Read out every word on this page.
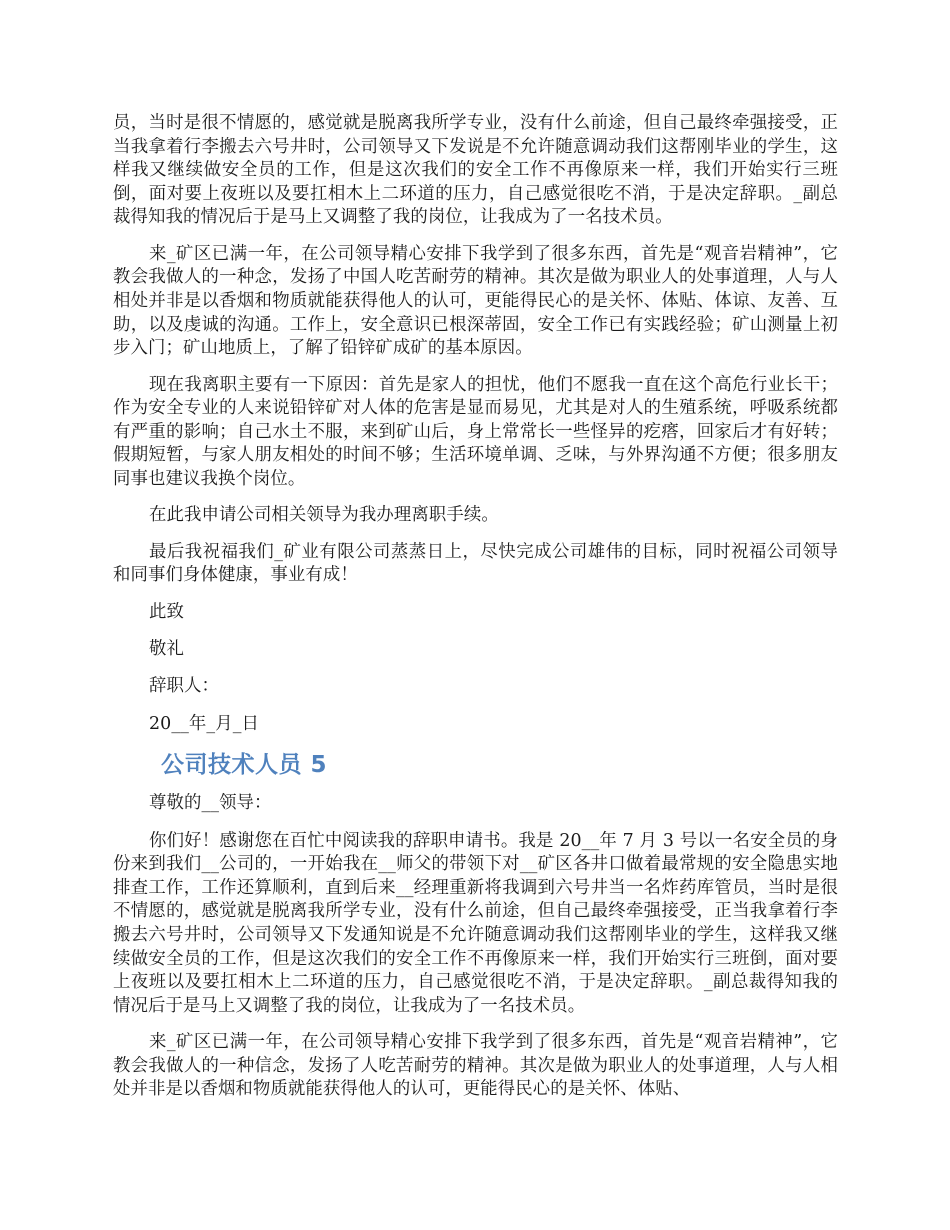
员，当时是很不情愿的，感觉就是脱离我所学专业，没有什么前途，但自己最终牵强接受，正当我拿着行李搬去六号井时，公司领导又下发说是不允许随意调动我们这帮刚毕业的学生，这样我又继续做安全员的工作，但是这次我们的安全工作不再像原来一样，我们开始实行三班倒，面对要上夜班以及要扛相木上二环道的压力，自己感觉很吃不消，于是决定辞职。_副总裁得知我的情况后于是马上又调整了我的岗位，让我成为了一名技术员。

来_矿区已满一年，在公司领导精心安排下我学到了很多东西，首先是“观音岩精神”，它教会我做人的一种念，发扬了中国人吃苦耐劳的精神。其次是做为职业人的处事道理，人与人相处并非是以香烟和物质就能获得他人的认可，更能得民心的是关怀、体贴、体谅、友善、互助，以及虔诚的沟通。工作上，安全意识已根深蒂固，安全工作已有实践经验；矿山测量上初步入门；矿山地质上，了解了铅锌矿成矿的基本原因。

现在我离职主要有一下原因：首先是家人的担忧，他们不愿我一直在这个高危行业长干；作为安全专业的人来说铅锌矿对人体的危害是显而易见，尤其是对人的生殖系统，呼吸系统都有严重的影响；自己水土不服，来到矿山后，身上常常长一些怪异的疙瘩，回家后才有好转；假期短暂，与家人朋友相处的时间不够；生活环境单调、乏味，与外界沟通不方便；很多朋友同事也建议我换个岗位。

在此我申请公司相关领导为我办理离职手续。

最后我祝福我们_矿业有限公司蒸蒸日上，尽快完成公司雄伟的目标，同时祝福公司领导和同事们身体健康，事业有成！

此致

敬礼

辞职人：

20__年_月_日

公司技术人员 5

尊敬的__领导：

你们好！感谢您在百忙中阅读我的辞职申请书。我是 20__年 7 月 3 号以一名安全员的身份来到我们__公司的，一开始我在__师父的带领下对__矿区各井口做着最常规的安全隐患实地排查工作，工作还算顺利，直到后来__经理重新将我调到六号井当一名炸药库管员，当时是很不情愿的，感觉就是脱离我所学专业，没有什么前途，但自己最终牵强接受，正当我拿着行李搬去六号井时，公司领导又下发通知说是不允许随意调动我们这帮刚毕业的学生，这样我又继续做安全员的工作，但是这次我们的安全工作不再像原来一样，我们开始实行三班倒，面对要上夜班以及要扛相木上二环道的压力，自己感觉很吃不消，于是决定辞职。_副总裁得知我的情况后于是马上又调整了我的岗位，让我成为了一名技术员。

来_矿区已满一年，在公司领导精心安排下我学到了很多东西，首先是“观音岩精神”，它教会我做人的一种信念，发扬了人吃苦耐劳的精神。其次是做为职业人的处事道理，人与人相处并非是以香烟和物质就能获得他人的认可，更能得民心的是关怀、体贴、
